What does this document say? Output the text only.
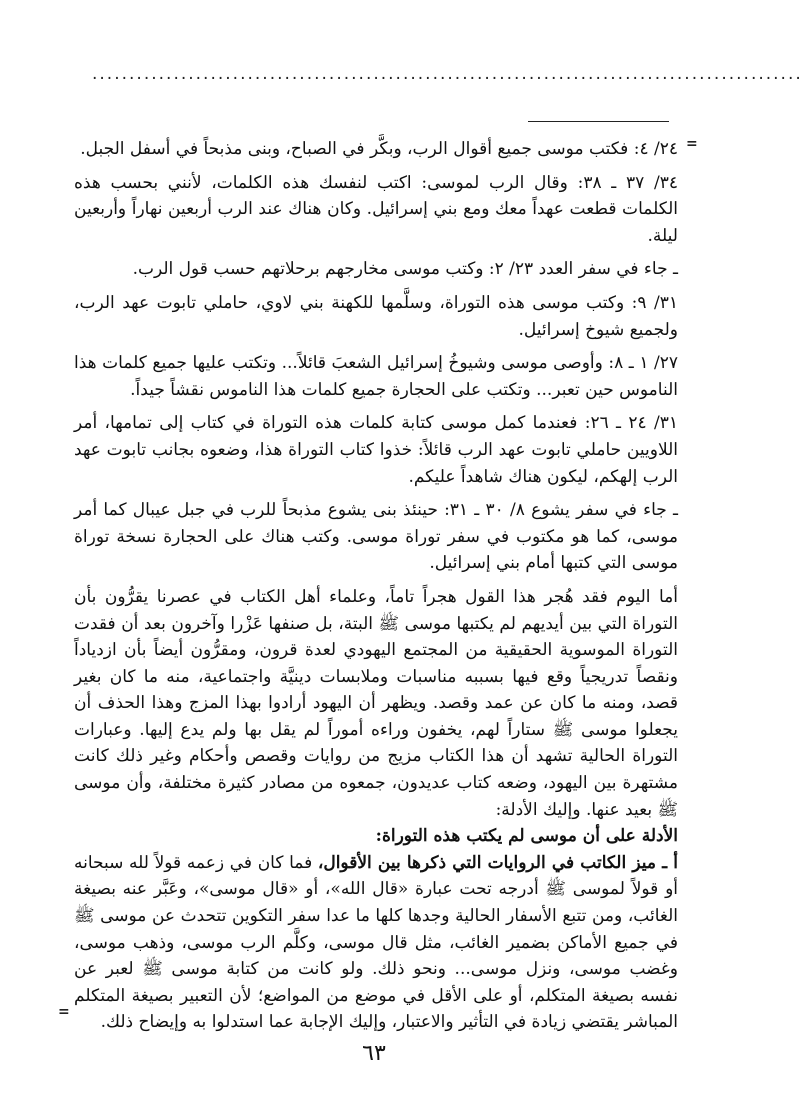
................................................................................................
=

٢٤/ ٤: فكتب موسى جميع أقوال الرب، وبكَّر في الصباح، وبنى مذبحاً في أسفل الجبل.

٣٤/ ٣٧ ـ ٣٨: وقال الرب لموسى: اكتب لنفسك هذه الكلمات، لأنني بحسب هذه الكلمات قطعت عهداً معك ومع بني إسرائيل. وكان هناك عند الرب أربعين نهاراً وأربعين ليلة.

ـ جاء في سفر العدد ٢٣/ ٢: وكتب موسى مخارجهم برحلاتهم حسب قول الرب.

٣١/ ٩: وكتب موسى هذه التوراة، وسلَّمها للكهنة بني لاوي، حاملي تابوت عهد الرب، ولجميع شيوخ إسرائيل.

٢٧/ ١ ـ ٨: وأوصى موسى وشيوخُ إسرائيل الشعبَ قائلاً... وتكتب عليها جميع كلمات هذا الناموس حين تعبر... وتكتب على الحجارة جميع كلمات هذا الناموس نقشاً جيداً.

٣١/ ٢٤ ـ ٢٦: فعندما كمل موسى كتابة كلمات هذه التوراة في كتاب إلى تمامها، أمر اللاويين حاملي تابوت عهد الرب قائلاً: خذوا كتاب التوراة هذا، وضعوه بجانب تابوت عهد الرب إلهكم، ليكون هناك شاهداً عليكم.

ـ جاء في سفر يشوع ٨/ ٣٠ ـ ٣١: حينئذ بنى يشوع مذبحاً للرب في جبل عيبال كما أمر موسى، كما هو مكتوب في سفر توراة موسى. وكتب هناك على الحجارة نسخة توراة موسى التي كتبها أمام بني إسرائيل.

أما اليوم فقد هُجر هذا القول هجراً تاماً، وعلماء أهل الكتاب في عصرنا يقرُّون بأن التوراة التي بين أيديهم لم يكتبها موسى ﷺ البتة، بل صنفها عَزْرا وآخرون بعد أن فقدت التوراة الموسوية الحقيقية من المجتمع اليهودي لعدة قرون، ومقرُّون أيضاً بأن ازدياداً ونقصاً تدريجياً وقع فيها بسببه مناسبات وملابسات دينيَّة واجتماعية، منه ما كان بغير قصد، ومنه ما كان عن عمد وقصد. ويظهر أن اليهود أرادوا بهذا المزج وهذا الحذف أن يجعلوا موسى ﷺ ستاراً لهم، يخفون وراءه أموراً لم يقل بها ولم يدع إليها. وعبارات التوراة الحالية تشهد أن هذا الكتاب مزيج من روايات وقصص وأحكام وغير ذلك كانت مشتهرة بين اليهود، وضعه كتاب عديدون، جمعوه من مصادر كثيرة مختلفة، وأن موسى ﷺ بعيد عنها. وإليك الأدلة:

الأدلة على أن موسى لم يكتب هذه التوراة:

أ ـ ميز الكاتب في الروايات التي ذكرها بين الأقوال، فما كان في زعمه قولاً لله سبحانه أو قولاً لموسى ﷺ أدرجه تحت عبارة «قال الله»، أو «قال موسى»، وعَبَّر عنه بصيغة الغائب، ومن تتبع الأسفار الحالية وجدها كلها ما عدا سفر التكوين تتحدث عن موسى ﷺ في جميع الأماكن بضمير الغائب، مثل قال موسى، وكلَّم الرب موسى، وذهب موسى، وغضب موسى، ونزل موسى... ونحو ذلك. ولو كانت من كتابة موسى ﷺ لعبر عن نفسه بصيغة المتكلم، أو على الأقل في موضع من المواضع؛ لأن التعبير بصيغة المتكلم المباشر يقتضي زيادة في التأثير والاعتبار، وإليك الإجابة عما استدلوا به وإيضاح ذلك.

=
٦٣
